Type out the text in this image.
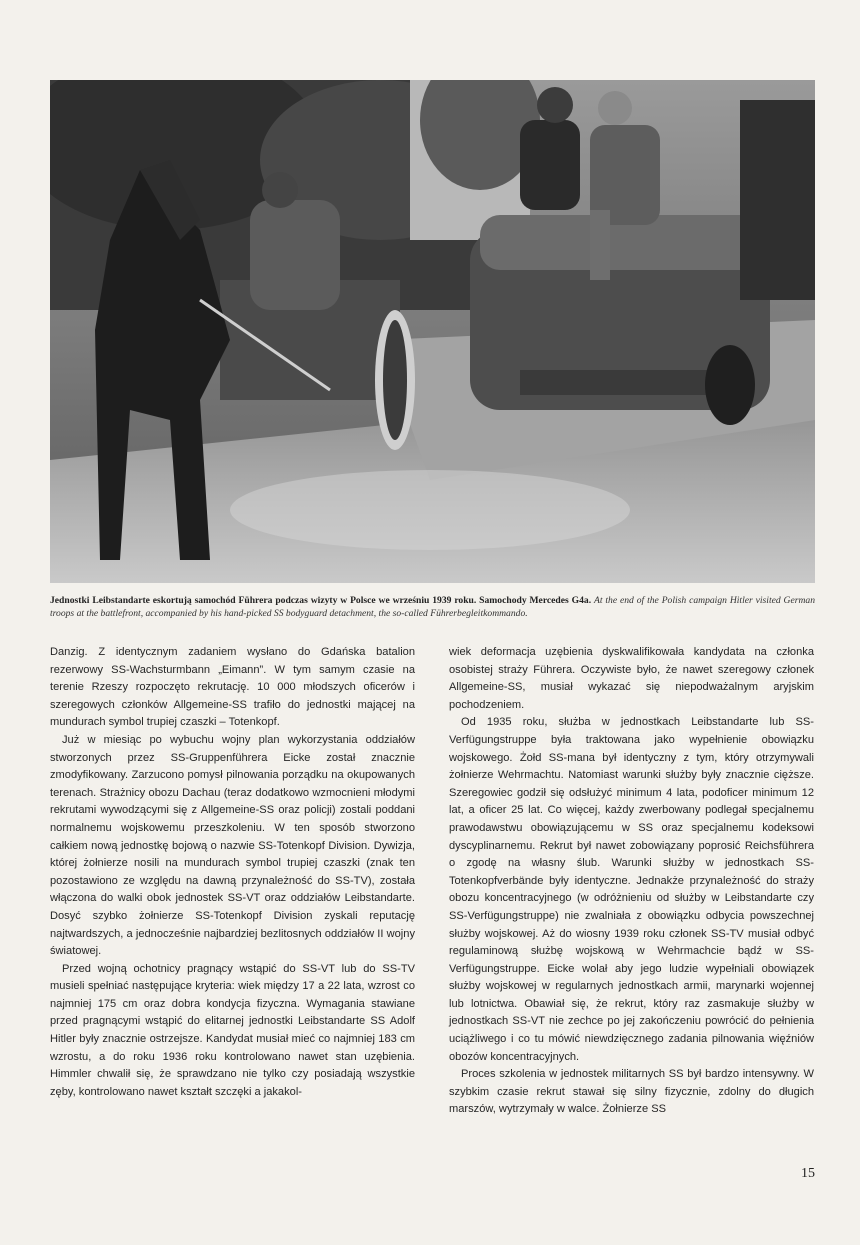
Jednostki Leibstandarte eskortują samochód Führera podczas wizyty w Polsce we wrześniu 1939 roku. Samochody Mercedes G4a. At the end of the Polish campaign Hitler visited German troops at the battlefront, accompanied by his hand-picked SS bodyguard detachment, the so-called Führerbegleitkommando.

Danzig. Z identycznym zadaniem wysłano do Gdańska batalion rezerwowy SS-Wachsturmbann „Eimann”. W tym samym czasie na terenie Rzeszy rozpoczęto rekrutację. 10 000 młodszych oficerów i szeregowych członków Allgemeine-SS trafiło do jednostki mającej na mundurach symbol trupiej czaszki – Totenkopf.

Już w miesiąc po wybuchu wojny plan wykorzystania oddziałów stworzonych przez SS-Gruppenführera Eicke został znacznie zmodyfikowany. Zarzucono pomysł pilnowania porządku na okupowanych terenach. Strażnicy obozu Dachau (teraz dodatkowo wzmocnieni młodymi rekrutami wywodzącymi się z Allgemeine-SS oraz policji) zostali poddani normalnemu wojskowemu przeszkoleniu. W ten sposób stworzono całkiem nową jednostkę bojową o nazwie SS-Totenkopf Division. Dywizja, której żołnierze nosili na mundurach symbol trupiej czaszki (znak ten pozostawiono ze względu na dawną przynależność do SS-TV), została włączona do walki obok jednostek SS-VT oraz oddziałów Leibstandarte. Dosyć szybko żołnierze SS-Totenkopf Division zyskali reputację najtwardszych, a jednocześnie najbardziej bezlitosnych oddziałów II wojny światowej.

Przed wojną ochotnicy pragnący wstąpić do SS-VT lub do SS-TV musieli spełniać następujące kryteria: wiek między 17 a 22 lata, wzrost co najmniej 175 cm oraz dobra kondycja fizyczna. Wymagania stawiane przed pragnącymi wstąpić do elitarnej jednostki Leibstandarte SS Adolf Hitler były znacznie ostrzejsze. Kandydat musiał mieć co najmniej 183 cm wzrostu, a do roku 1936 roku kontrolowano nawet stan uzębienia. Himmler chwalił się, że sprawdzano nie tylko czy posiadają wszystkie zęby, kontrolowano nawet kształt szczęki a jakakol-

wiek deformacja uzębienia dyskwalifikowała kandydata na członka osobistej straży Führera. Oczywiste było, że nawet szeregowy członek Allgemeine-SS, musiał wykazać się niepodważalnym aryjskim pochodzeniem.

Od 1935 roku, służba w jednostkach Leibstandarte lub SS-Verfügungstruppe była traktowana jako wypełnienie obowiązku wojskowego. Żołd SS-mana był identyczny z tym, który otrzymywali żołnierze Wehrmachtu. Natomiast warunki służby były znacznie cięższe. Szeregowiec godził się odsłużyć minimum 4 lata, podoficer minimum 12 lat, a oficer 25 lat. Co więcej, każdy zwerbowany podlegał specjalnemu prawodawstwu obowiązującemu w SS oraz specjalnemu kodeksowi dyscyplinarnemu. Rekrut był nawet zobowiązany poprosić Reichsführera o zgodę na własny ślub. Warunki służby w jednostkach SS-Totenkopfverbände były identyczne. Jednakże przynależność do straży obozu koncentracyjnego (w odróżnieniu od służby w Leibstandarte czy SS-Verfügungstruppe) nie zwalniała z obowiązku odbycia powszechnej służby wojskowej. Aż do wiosny 1939 roku członek SS-TV musiał odbyć regulaminową służbę wojskową w Wehrmachcie bądź w SS-Verfügungstruppe. Eicke wolał aby jego ludzie wypełniali obowiązek służby wojskowej w regularnych jednostkach armii, marynarki wojennej lub lotnictwa. Obawiał się, że rekrut, który raz zasmakuje służby w jednostkach SS-VT nie zechce po jej zakończeniu powrócić do pełnienia uciążliwego i co tu mówić niewdzięcznego zadania pilnowania więźniów obozów koncentracyjnych.

Proces szkolenia w jednostek militarnych SS był bardzo intensywny. W szybkim czasie rekrut stawał się silny fizycznie, zdolny do długich marszów, wytrzymały w walce. Żołnierze SS

15
